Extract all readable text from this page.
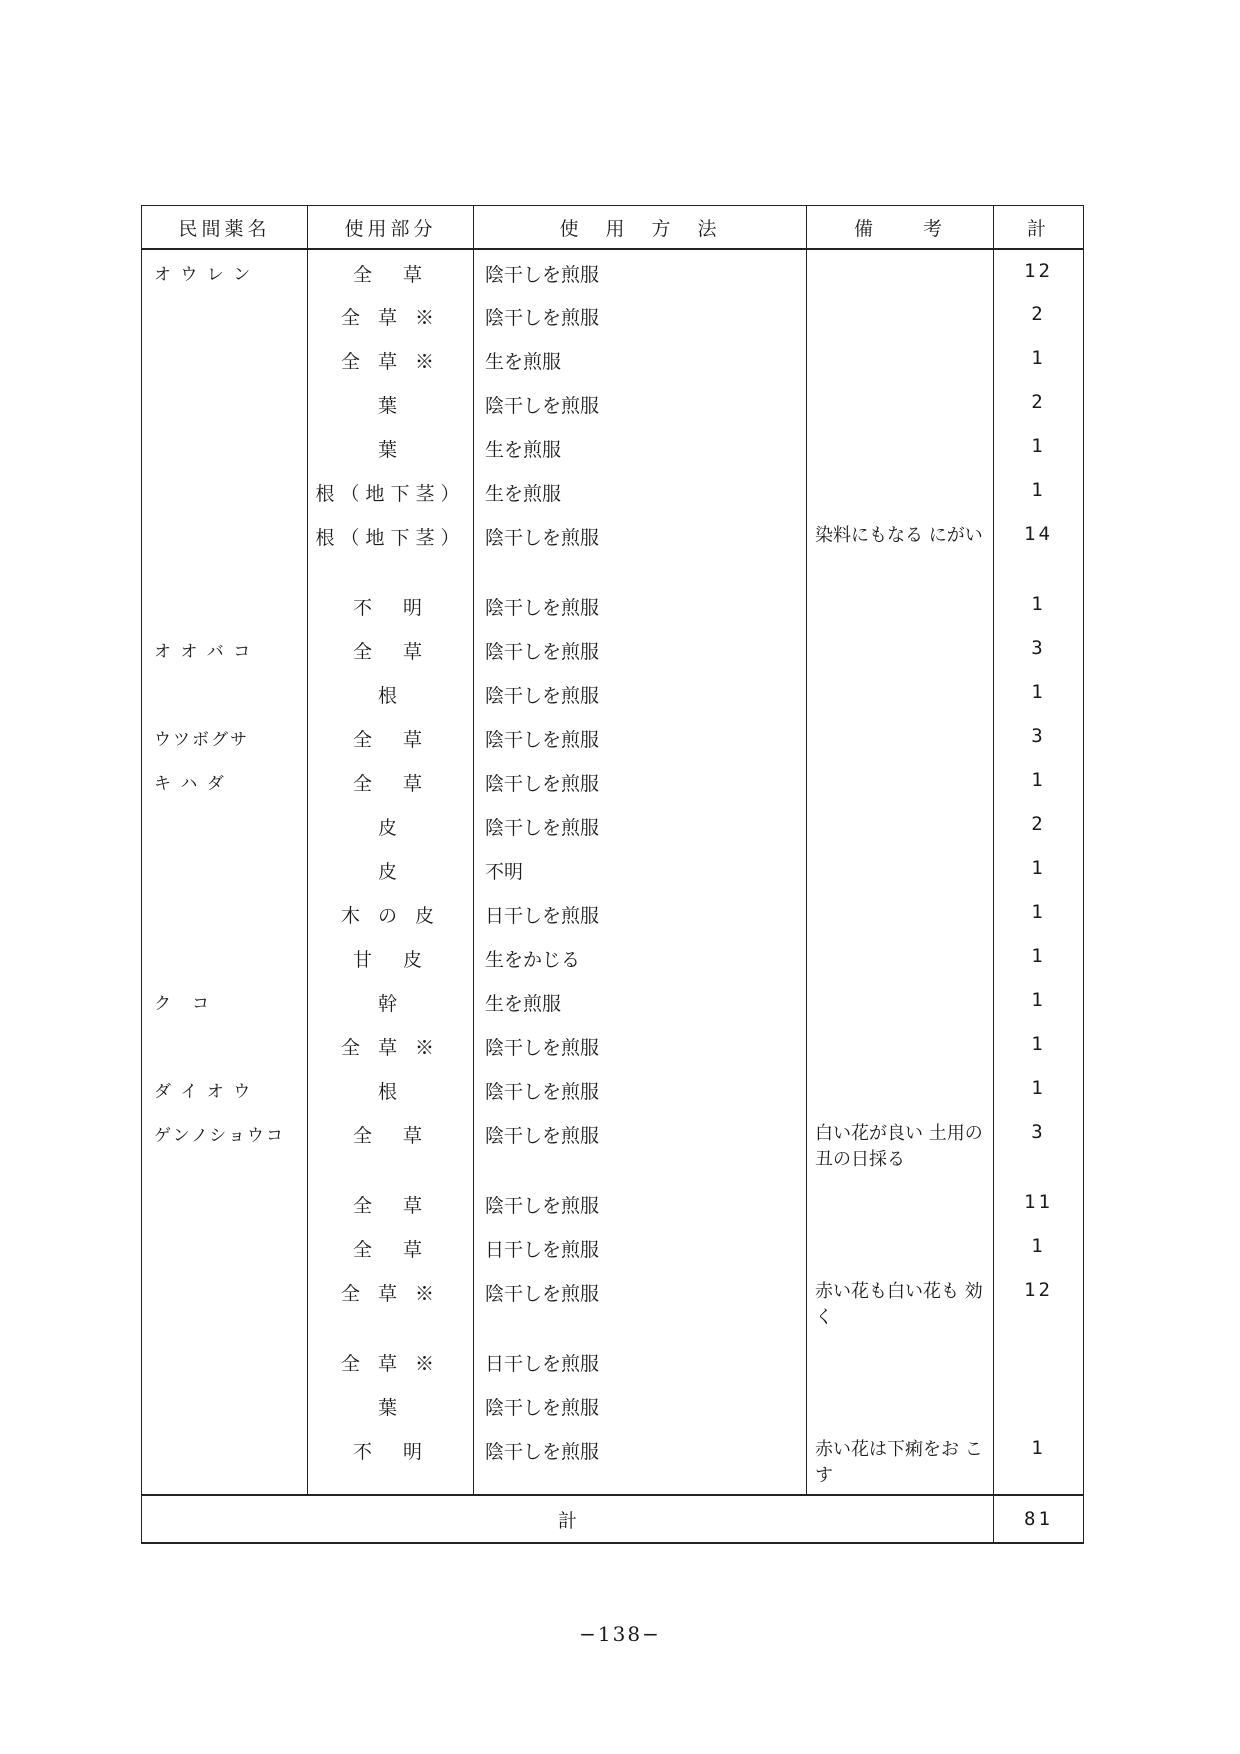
民間薬名	使用部分	使　用　方　法	備　　考	計
オ ウ レ ン	全　草	陰干しを煎服		12
	全 草 ※	陰干しを煎服		2
	全 草 ※	生を煎服		1
	葉	陰干しを煎服		2
	葉	生を煎服		1
	根（地下茎）	生を煎服		1
	根（地下茎）	陰干しを煎服	染料にもなる にがい	14
	不　明	陰干しを煎服		1
オ オ バ コ	全　草	陰干しを煎服		3
	根	陰干しを煎服		1
ウツボグサ	全　草	陰干しを煎服		3
キ ハ ダ	全　草	陰干しを煎服		1
	皮	陰干しを煎服		2
	皮	不明		1
	木 の 皮	日干しを煎服		1
	甘　皮	生をかじる		1
ク　コ	幹	生を煎服		1
	全 草 ※	陰干しを煎服		1
ダ イ オ ウ	根	陰干しを煎服		1
ゲンノショウコ	全　草	陰干しを煎服	白い花が良い 土用の丑の日採る	3
	全　草	陰干しを煎服		11
	全　草	日干しを煎服		1
	全 草 ※	陰干しを煎服	赤い花も白い花も 効く	12
	全 草 ※	日干しを煎服		
	葉	陰干しを煎服		
	不　明	陰干しを煎服	赤い花は下痢をお こす	1
計				81
−138−
